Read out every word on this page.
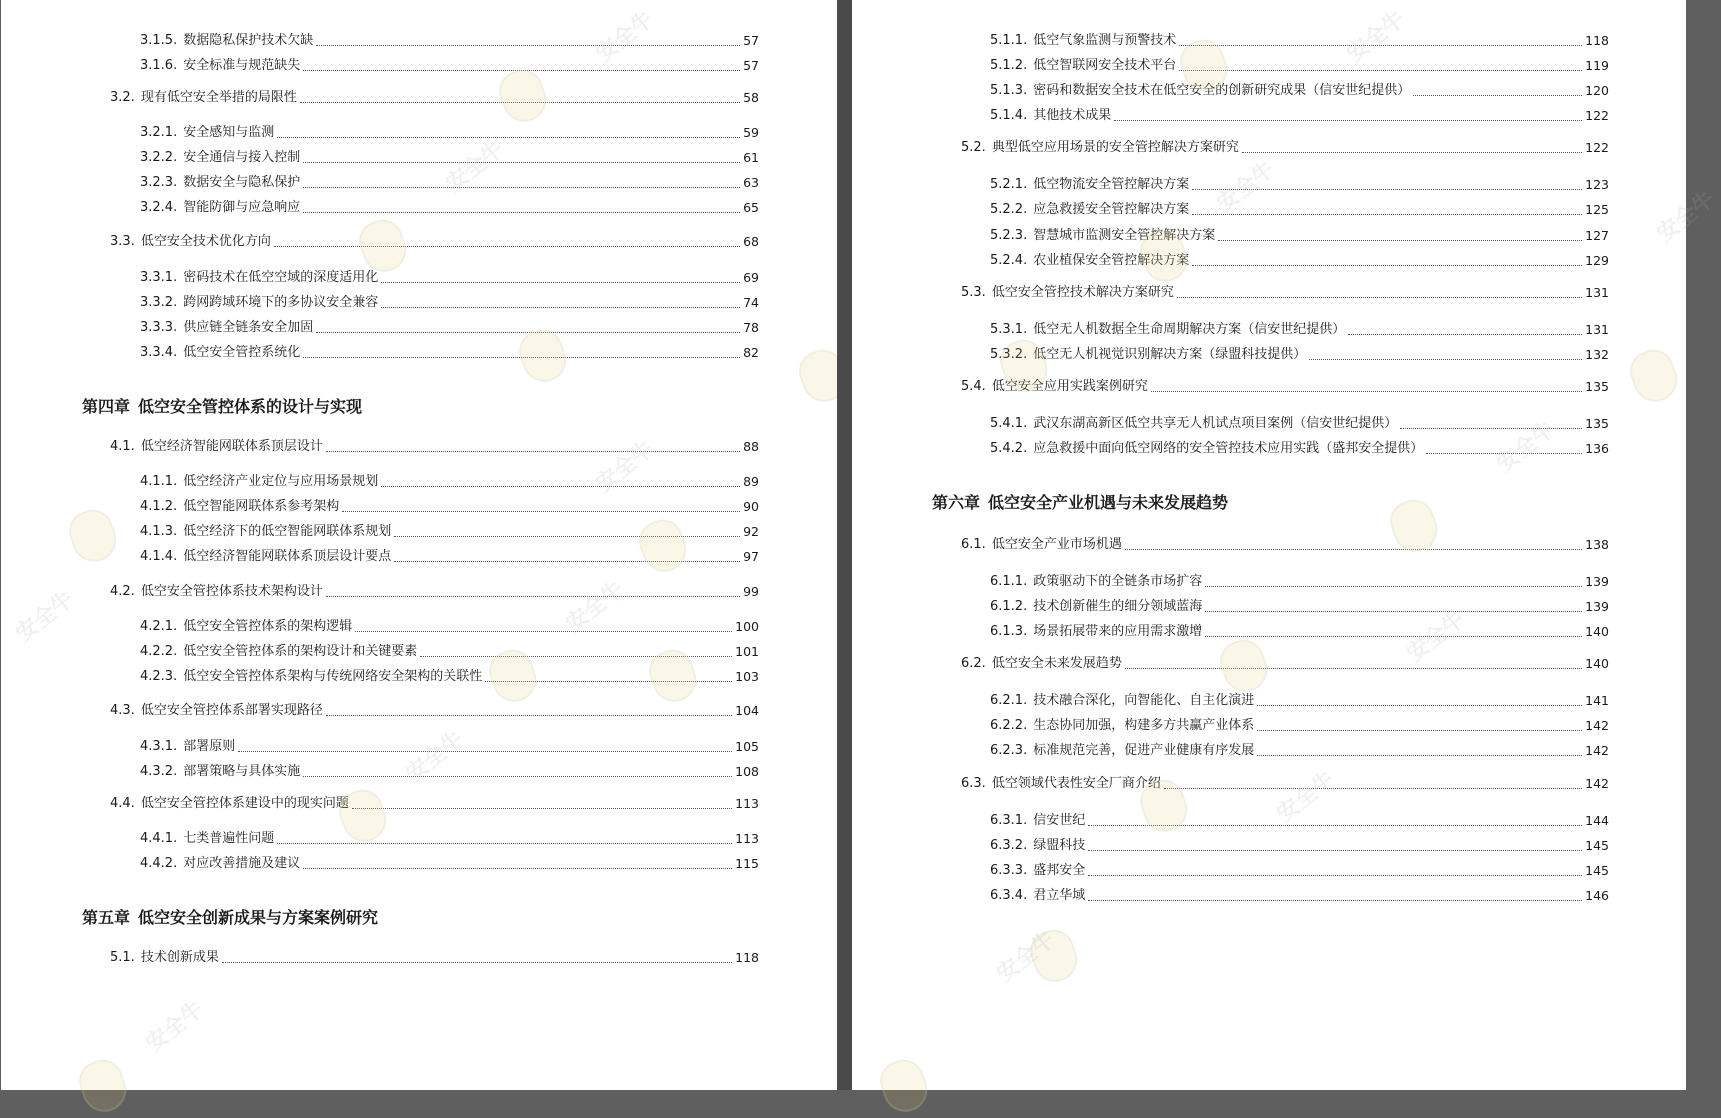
3.1.5. 数据隐私保护技术欠缺	57
3.1.6. 安全标准与规范缺失	57
3.2. 现有低空安全举措的局限性	58
3.2.1. 安全感知与监测	59
3.2.2. 安全通信与接入控制	61
3.2.3. 数据安全与隐私保护	63
3.2.4. 智能防御与应急响应	65
3.3. 低空安全技术优化方向	68
3.3.1. 密码技术在低空空域的深度适用化	69
3.3.2. 跨网跨域环境下的多协议安全兼容	74
3.3.3. 供应链全链条安全加固	78
3.3.4. 低空安全管控系统化	82
第四章 低空安全管控体系的设计与实现
4.1. 低空经济智能网联体系顶层设计	88
4.1.1. 低空经济产业定位与应用场景规划	89
4.1.2. 低空智能网联体系参考架构	90
4.1.3. 低空经济下的低空智能网联体系规划	92
4.1.4. 低空经济智能网联体系顶层设计要点	97
4.2. 低空安全管控体系技术架构设计	99
4.2.1. 低空安全管控体系的架构逻辑	100
4.2.2. 低空安全管控体系的架构设计和关键要素	101
4.2.3. 低空安全管控体系架构与传统网络安全架构的关联性	103
4.3. 低空安全管控体系部署实现路径	104
4.3.1. 部署原则	105
4.3.2. 部署策略与具体实施	108
4.4. 低空安全管控体系建设中的现实问题	113
4.4.1. 七类普遍性问题	113
4.4.2. 对应改善措施及建议	115
第五章 低空安全创新成果与方案案例研究
5.1. 技术创新成果	118
安全牛
安全牛
安全牛
安全牛
安全牛
安全牛
安全牛
5.1.1. 低空气象监测与预警技术	118
5.1.2. 低空智联网安全技术平台	119
5.1.3. 密码和数据安全技术在低空安全的创新研究成果（信安世纪提供）	120
5.1.4. 其他技术成果	122
5.2. 典型低空应用场景的安全管控解决方案研究	122
5.2.1. 低空物流安全管控解决方案	123
5.2.2. 应急救援安全管控解决方案	125
5.2.3. 智慧城市监测安全管控解决方案	127
5.2.4. 农业植保安全管控解决方案	129
5.3. 低空安全管控技术解决方案研究	131
5.3.1. 低空无人机数据全生命周期解决方案（信安世纪提供）	131
5.3.2. 低空无人机视觉识别解决方案（绿盟科技提供）	132
5.4. 低空安全应用实践案例研究	135
5.4.1. 武汉东湖高新区低空共享无人机试点项目案例（信安世纪提供）	135
5.4.2. 应急救援中面向低空网络的安全管控技术应用实践（盛邦安全提供）	136
第六章 低空安全产业机遇与未来发展趋势
6.1. 低空安全产业市场机遇	138
6.1.1. 政策驱动下的全链条市场扩容	139
6.1.2. 技术创新催生的细分领域蓝海	139
6.1.3. 场景拓展带来的应用需求激增	140
6.2. 低空安全未来发展趋势	140
6.2.1. 技术融合深化，向智能化、自主化演进	141
6.2.2. 生态协同加强，构建多方共赢产业体系	142
6.2.3. 标准规范完善，促进产业健康有序发展	142
6.3. 低空领域代表性安全厂商介绍	142
6.3.1. 信安世纪	144
6.3.2. 绿盟科技	145
6.3.3. 盛邦安全	145
6.3.4. 君立华域	146
安全牛
安全牛
安全牛
安全牛
安全牛
安全牛
安全牛
